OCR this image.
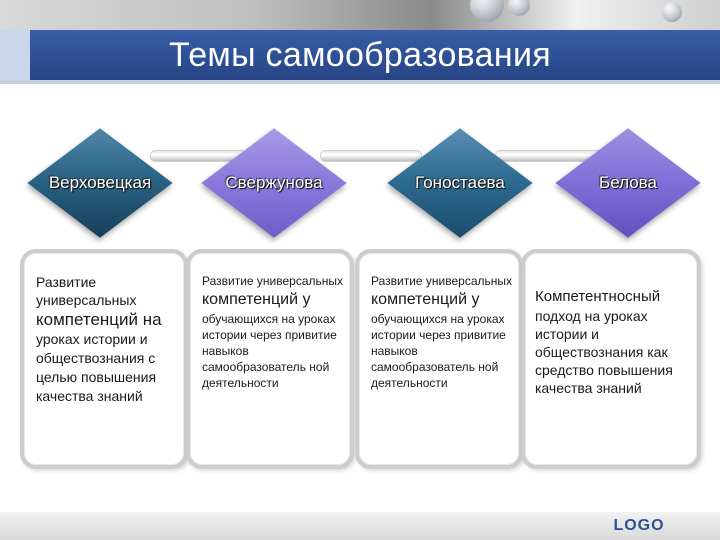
Темы самообразования
Верховецкая	Свержунова	Гоностаева	Белова
Развитие универсальных
компетенций на
уроках истории и обществознания с целью повышения качества знаний
Развитие универсальных
компетенций у
обучающихся на уроках истории через привитие навыков самообразователь ной деятельности
Развитие универсальных
компетенций у
обучающихся на уроках истории через привитие навыков самообразователь ной деятельности
Компетентносный
подход на уроках истории и обществознания как средство повышения качества знаний
LOGO
